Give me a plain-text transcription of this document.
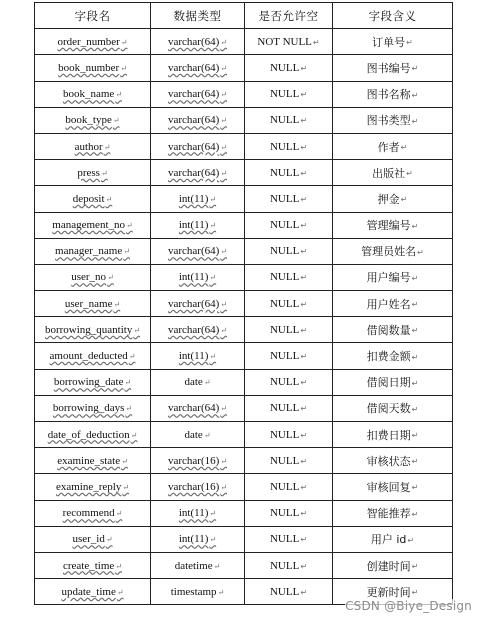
字段名	数据类型	是否允许空	字段含义
order_number↵	varchar(64)↵	NOT NULL↵	订单号↵
book_number↵	varchar(64)↵	NULL↵	图书编号↵
book_name↵	varchar(64)↵	NULL↵	图书名称↵
book_type↵	varchar(64)↵	NULL↵	图书类型↵
author↵	varchar(64)↵	NULL↵	作者↵
press↵	varchar(64)↵	NULL↵	出版社↵
deposit↵	int(11)↵	NULL↵	押金↵
management_no↵	int(11)↵	NULL↵	管理编号↵
manager_name↵	varchar(64)↵	NULL↵	管理员姓名↵
user_no↵	int(11)↵	NULL↵	用户编号↵
user_name↵	varchar(64)↵	NULL↵	用户姓名↵
borrowing_quantity↵	varchar(64)↵	NULL↵	借阅数量↵
amount_deducted↵	int(11)↵	NULL↵	扣费金额↵
borrowing_date↵	date↵	NULL↵	借阅日期↵
borrowing_days↵	varchar(64)↵	NULL↵	借阅天数↵
date_of_deduction↵	date↵	NULL↵	扣费日期↵
examine_state↵	varchar(16)↵	NULL↵	审核状态↵
examine_reply↵	varchar(16)↵	NULL↵	审核回复↵
recommend↵	int(11)↵	NULL↵	智能推荐↵
user_id↵	int(11)↵	NULL↵	用户 id↵
create_time↵	datetime↵	NULL↵	创建时间↵
update_time↵	timestamp↵	NULL↵	更新时间↵
CSDN @Biye_Design
